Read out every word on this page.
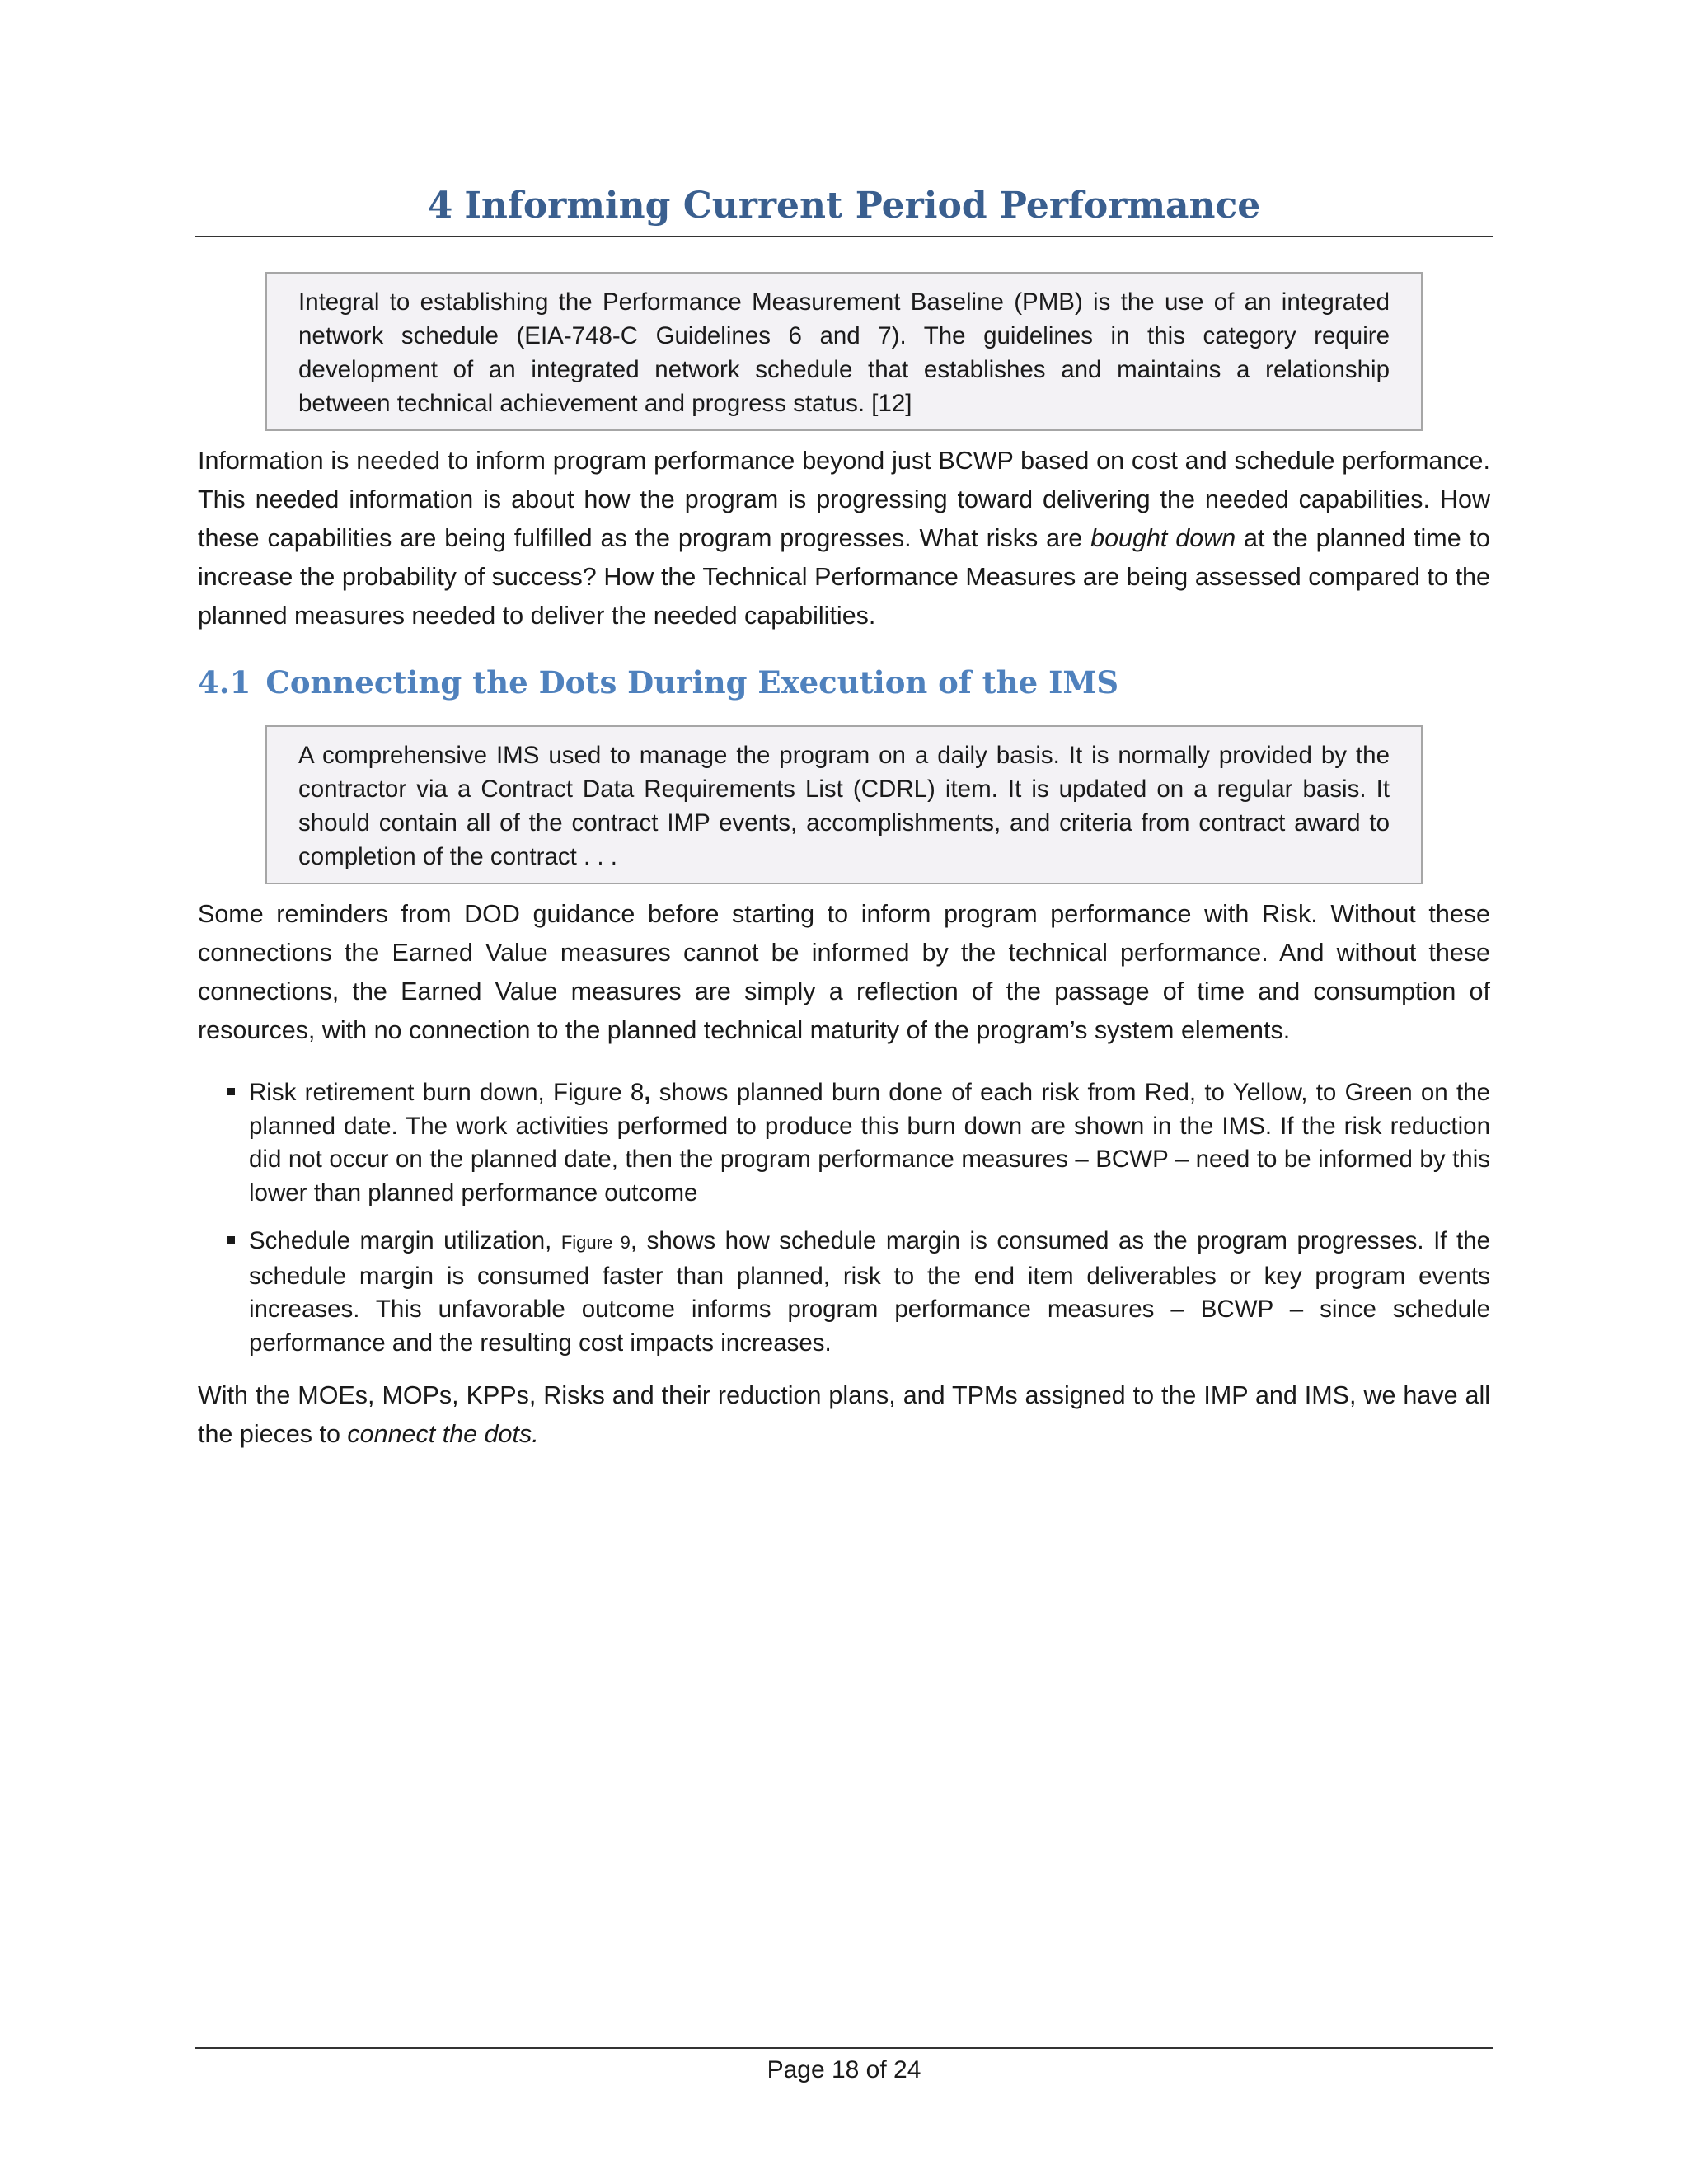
4 Informing Current Period Performance
Integral to establishing the Performance Measurement Baseline (PMB) is the use of an integrated network schedule (EIA-748-C Guidelines 6 and 7). The guidelines in this category require development of an integrated network schedule that establishes and maintains a relationship between technical achievement and progress status. [12]

Information is needed to inform program performance beyond just BCWP based on cost and schedule performance. This needed information is about how the program is progressing toward delivering the needed capabilities. How these capabilities are being fulfilled as the program progresses. What risks are bought down at the planned time to increase the probability of success? How the Technical Performance Measures are being assessed compared to the planned measures needed to deliver the needed capabilities.

4.1 Connecting the Dots During Execution of the IMS
A comprehensive IMS used to manage the program on a daily basis. It is normally provided by the contractor via a Contract Data Requirements List (CDRL) item. It is updated on a regular basis. It should contain all of the contract IMP events, accomplishments, and criteria from contract award to completion of the contract . . .

Some reminders from DOD guidance before starting to inform program performance with Risk. Without these connections the Earned Value measures cannot be informed by the technical performance. And without these connections, the Earned Value measures are simply a reflection of the passage of time and consumption of resources, with no connection to the planned technical maturity of the program’s system elements.

Risk retirement burn down, Figure 8, shows planned burn done of each risk from Red, to Yellow, to Green on the planned date. The work activities performed to produce this burn down are shown in the IMS. If the risk reduction did not occur on the planned date, then the program performance measures – BCWP – need to be informed by this lower than planned performance outcome
Schedule margin utilization, Figure 9, shows how schedule margin is consumed as the program progresses. If the schedule margin is consumed faster than planned, risk to the end item deliverables or key program events increases. This unfavorable outcome informs program performance measures – BCWP – since schedule performance and the resulting cost impacts increases.

With the MOEs, MOPs, KPPs, Risks and their reduction plans, and TPMs assigned to the IMP and IMS, we have all the pieces to connect the dots.

Page 18 of 24
